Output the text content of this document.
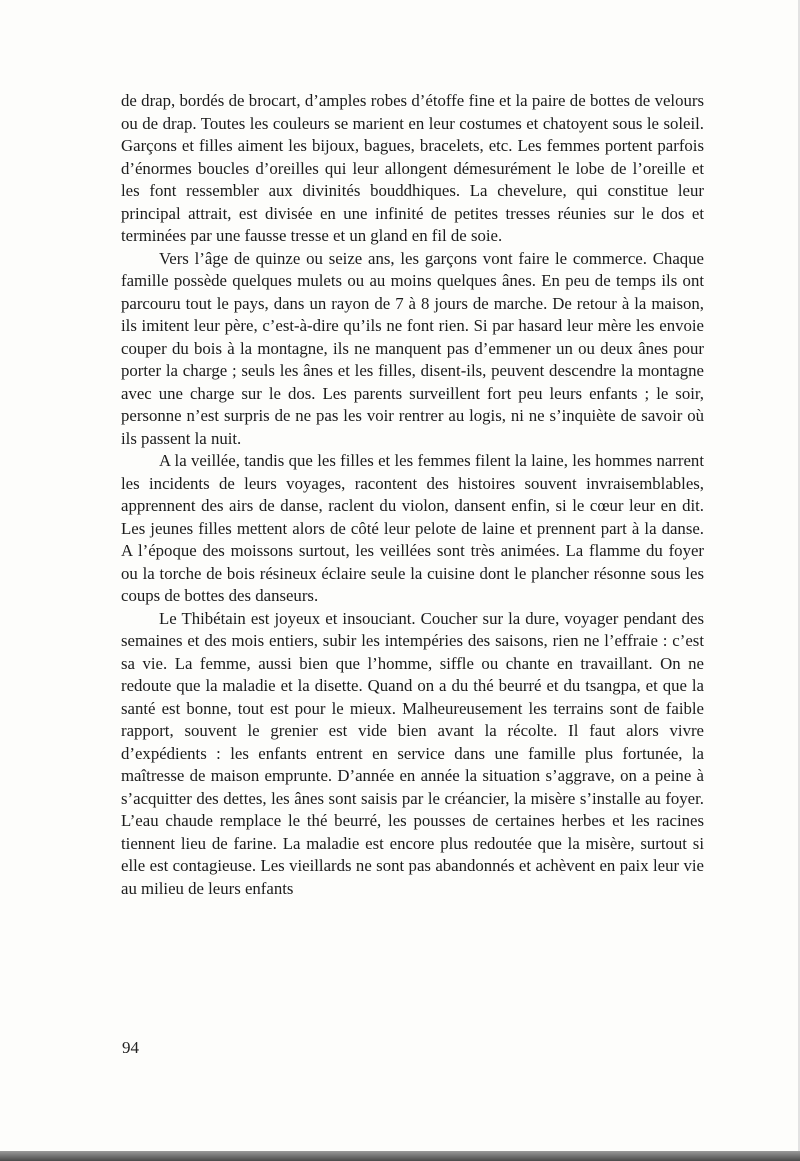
de drap, bordés de brocart, d’amples robes d’étoffe fine et la paire de bottes de velours ou de drap. Toutes les couleurs se marient en leur costumes et chatoyent sous le soleil. Garçons et filles aiment les bijoux, bagues, bracelets, etc. Les femmes portent parfois d’énormes boucles d’oreilles qui leur allongent démesurément le lobe de l’oreille et les font ressembler aux divinités bouddhiques. La chevelure, qui constitue leur principal attrait, est divisée en une infinité de petites tresses réunies sur le dos et terminées par une fausse tresse et un gland en fil de soie.

Vers l’âge de quinze ou seize ans, les garçons vont faire le commerce. Chaque famille possède quelques mulets ou au moins quelques ânes. En peu de temps ils ont parcouru tout le pays, dans un rayon de 7 à 8 jours de marche. De retour à la maison, ils imitent leur père, c’est-à-dire qu’ils ne font rien. Si par hasard leur mère les envoie couper du bois à la montagne, ils ne manquent pas d’emmener un ou deux ânes pour porter la charge ; seuls les ânes et les filles, disent-ils, peuvent descendre la montagne avec une charge sur le dos. Les parents surveillent fort peu leurs enfants ; le soir, personne n’est surpris de ne pas les voir rentrer au logis, ni ne s’inquiète de savoir où ils passent la nuit.

A la veillée, tandis que les filles et les femmes filent la laine, les hommes narrent les incidents de leurs voyages, racontent des histoires souvent invraisemblables, apprennent des airs de danse, raclent du violon, dansent enfin, si le cœur leur en dit. Les jeunes filles mettent alors de côté leur pelote de laine et prennent part à la danse. A l’époque des moissons surtout, les veillées sont très animées. La flamme du foyer ou la torche de bois résineux éclaire seule la cuisine dont le plancher résonne sous les coups de bottes des danseurs.

Le Thibétain est joyeux et insouciant. Coucher sur la dure, voyager pendant des semaines et des mois entiers, subir les intempéries des saisons, rien ne l’effraie : c’est sa vie. La femme, aussi bien que l’homme, siffle ou chante en travaillant. On ne redoute que la maladie et la disette. Quand on a du thé beurré et du tsangpa, et que la santé est bonne, tout est pour le mieux. Malheureusement les terrains sont de faible rapport, souvent le grenier est vide bien avant la récolte. Il faut alors vivre d’expédients : les enfants entrent en service dans une famille plus fortunée, la maîtresse de maison emprunte. D’année en année la situation s’aggrave, on a peine à s’acquitter des dettes, les ânes sont saisis par le créancier, la misère s’installe au foyer. L’eau chaude remplace le thé beurré, les pousses de certaines herbes et les racines tiennent lieu de farine. La maladie est encore plus redoutée que la misère, surtout si elle est contagieuse. Les vieillards ne sont pas abandonnés et achèvent en paix leur vie au milieu de leurs enfants

94
